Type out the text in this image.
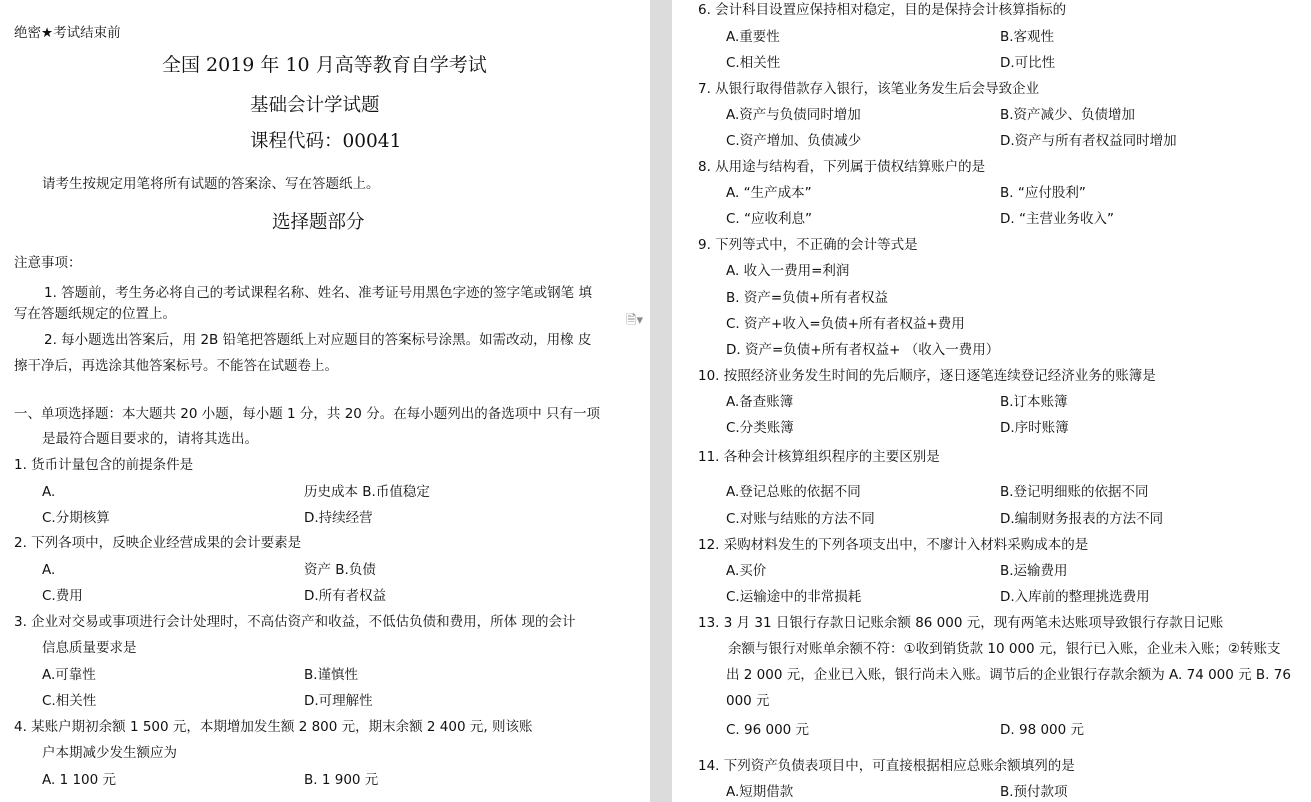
绝密★考试结束前
全国 2019 年 10 月高等教育自学考试
基础会计学试题
课程代码：00041
请考生按规定用笔将所有试题的答案涂、写在答题纸上。
选择题部分
注意事项：
1. 答题前，考生务必将自己的考试课程名称、姓名、准考证号用黑色字迹的签字笔或钢笔 填
写在答题纸规定的位置上。
2. 每小题选出答案后，用 2B 铅笔把答题纸上对应题目的答案标号涂黑。如需改动，用橡 皮
擦干净后，再选涂其他答案标号。不能答在试题卷上。
🗎▾
一、单项选择题：本大题共 20 小题，每小题 1 分，共 20 分。在每小题列出的备选项中 只有一项
是最符合题目要求的，请将其选出。
1. 货币计量包含的前提条件是
A.	历史成本 B.币值稳定
C.分期核算	D.持续经营
2. 下列各项中，反映企业经营成果的会计要素是
A.	资产 B.负债
C.费用	D.所有者权益
3. 企业对交易或事项进行会计处理时，不高估资产和收益，不低估负债和费用，所体 现的会计
信息质量要求是
A.可靠性	B.谨慎性
C.相关性	D.可理解性
4. 某账户期初余额 1 500 元，本期增加发生额 2 800 元，期末余额 2 400 元, 则该账
户本期减少发生额应为
A. 1 100 元	B. 1 900 元
6. 会计科目设置应保持相对稳定，目的是保持会计核算指标的
A.重要性	B.客观性
C.相关性	D.可比性
7. 从银行取得借款存入银行，该笔业务发生后会导致企业
A.资产与负债同时增加	B.资产减少、负债增加
C.资产增加、负债减少	D.资产与所有者权益同时增加
8. 从用途与结构看，下列属于债权结算账户的是
A. “生产成本”	B. “应付股利”
C. “应收利息”	D. “主营业务收入”
9. 下列等式中，不正确的会计等式是
A. 收入一费用=利润
B. 资产=负债+所有者权益
C. 资产+收入=负债+所有者权益+费用
D. 资产=负债+所有者权益+ （收入一费用）
10. 按照经济业务发生时间的先后顺序，逐日逐笔连续登记经济业务的账簿是
A.备查账簿	B.订本账簿
C.分类账簿	D.序时账簿
11. 各种会计核算组织程序的主要区别是
A.登记总账的依据不同	B.登记明细账的依据不同
C.对账与结账的方法不同	D.编制财务报表的方法不同
12. 采购材料发生的下列各项支出中，不廖计入材料采购成本的是
A.买价	B.运输费用
C.运输途中的非常损耗	D.入库前的整理挑选费用
13. 3 月 31 日银行存款日记账余额 86 000 元，现有两笔未达账项导致银行存款日记账
余额与银行对账单余额不符：①收到销货款 10 000 元，银行已入账，企业未入账；②转账支
出 2 000 元，企业已入账，银行尚未入账。调节后的企业银行存款余额为 A. 74 000 元 B. 76
000 元
C. 96 000 元	D. 98 000 元
14. 下列资产负债表项目中，可直接根据相应总账余额填列的是
A.短期借款	B.预付款项
